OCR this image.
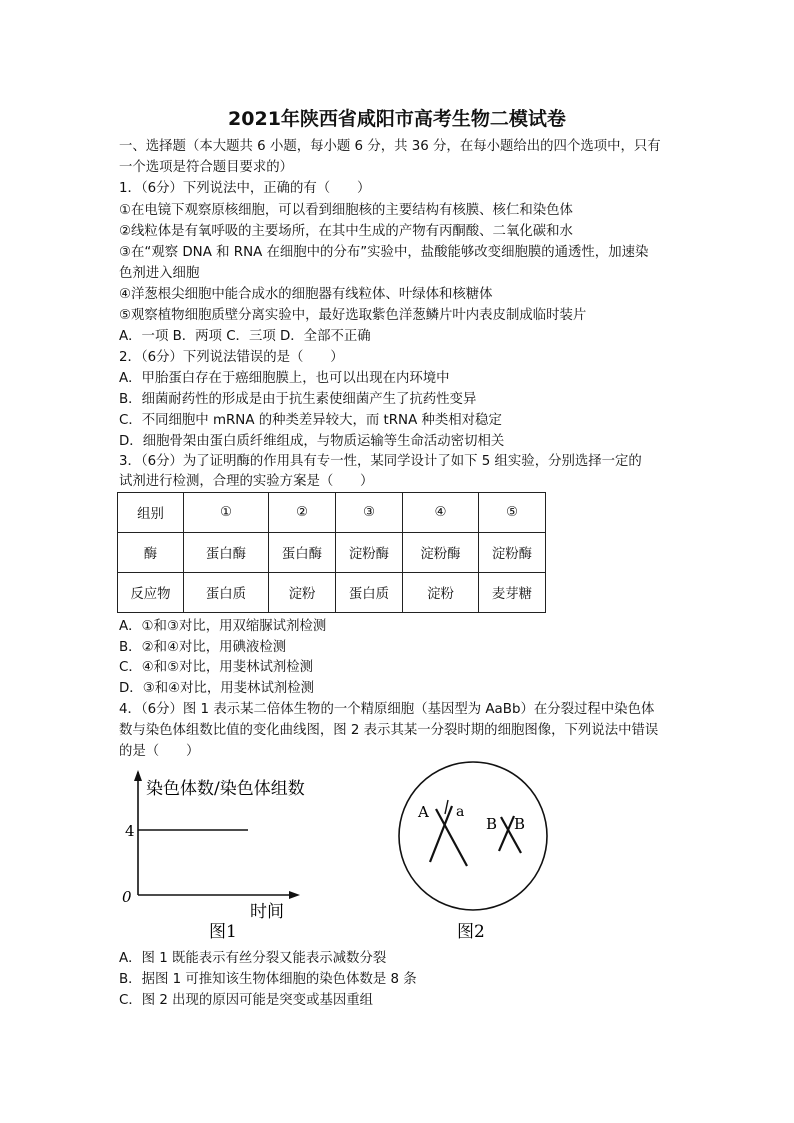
2021年陕西省咸阳市高考生物二模试卷
一、选择题（本大题共 6 小题，每小题 6 分，共 36 分，在每小题给出的四个选项中，只有
一个选项是符合题目要求的）
1．（6分）下列说法中，正确的有（　　）
①在电镜下观察原核细胞，可以看到细胞核的主要结构有核膜、核仁和染色体
②线粒体是有氧呼吸的主要场所，在其中生成的产物有丙酮酸、二氧化碳和水
③在“观察 DNA 和 RNA 在细胞中的分布”实验中，盐酸能够改变细胞膜的通透性，加速染
色剂进入细胞
④洋葱根尖细胞中能合成水的细胞器有线粒体、叶绿体和核糖体
⑤观察植物细胞质壁分离实验中，最好选取紫色洋葱鳞片叶内表皮制成临时装片
A．一项 B．两项 C．三项 D．全部不正确
2．（6分）下列说法错误的是（　　）
A．甲胎蛋白存在于癌细胞膜上，也可以出现在内环境中
B．细菌耐药性的形成是由于抗生素使细菌产生了抗药性变异
C．不同细胞中 mRNA 的种类差异较大，而 tRNA 种类相对稳定
D．细胞骨架由蛋白质纤维组成，与物质运输等生命活动密切相关
3．（6分）为了证明酶的作用具有专一性，某同学设计了如下 5 组实验，分别选择一定的
试剂进行检测，合理的实验方案是（　　）
组别	①	②	③	④	⑤
酶	蛋白酶	蛋白酶	淀粉酶	淀粉酶	淀粉酶
反应物	蛋白质	淀粉	蛋白质	淀粉	麦芽糖
A．①和③对比，用双缩脲试剂检测
B．②和④对比，用碘液检测
C．④和⑤对比，用斐林试剂检测
D．③和④对比，用斐林试剂检测
4．（6分）图 1 表示某二倍体生物的一个精原细胞（基因型为 AaBb）在分裂过程中染色体
数与染色体组数比值的变化曲线图，图 2 表示其某一分裂时期的细胞图像，下列说法中错误
的是（　　）
染色体数/染色体组数
4
0
时间
图1
A a
B B
图2
A．图 1 既能表示有丝分裂又能表示减数分裂
B．据图 1 可推知该生物体细胞的染色体数是 8 条
C．图 2 出现的原因可能是突变或基因重组
